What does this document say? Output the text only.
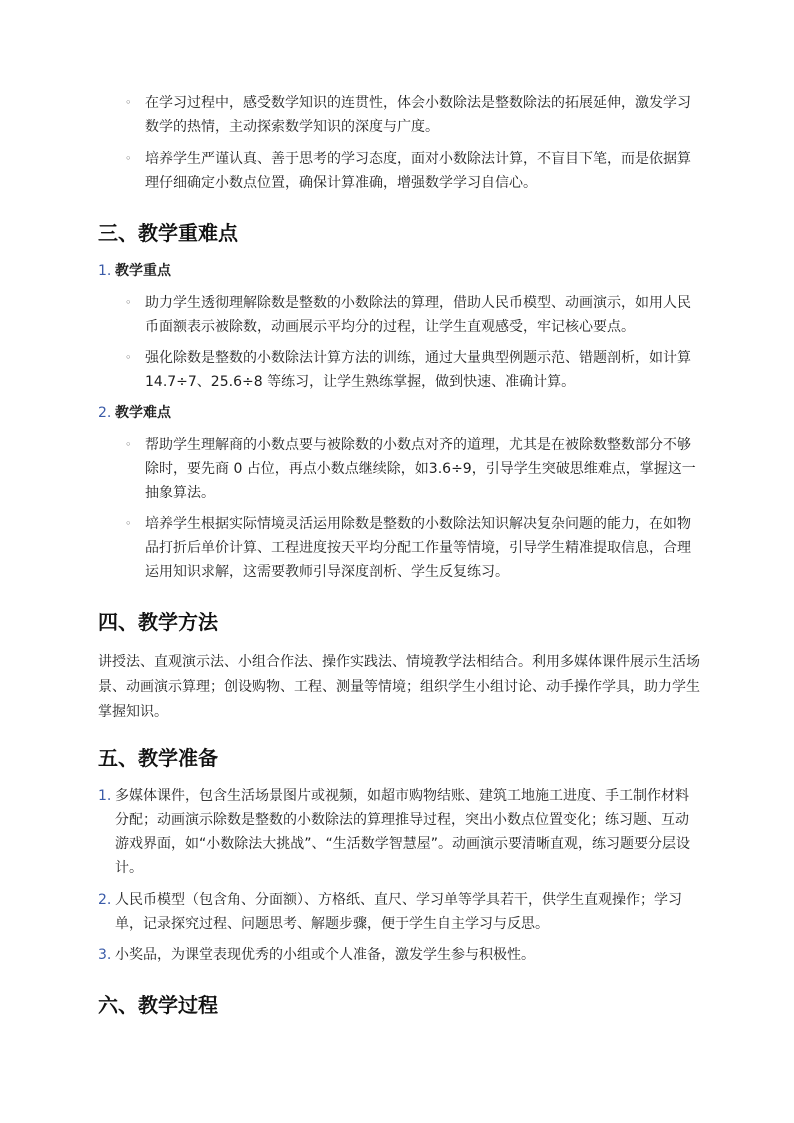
◦ 在学习过程中，感受数学知识的连贯性，体会小数除法是整数除法的拓展延伸，激发学习数学的热情，主动探索数学知识的深度与广度。
◦ 培养学生严谨认真、善于思考的学习态度，面对小数除法计算，不盲目下笔，而是依据算理仔细确定小数点位置，确保计算准确，增强数学学习自信心。
三、教学重难点
1. 教学重点
◦ 助力学生透彻理解除数是整数的小数除法的算理，借助人民币模型、动画演示，如用人民币面额表示被除数，动画展示平均分的过程，让学生直观感受，牢记核心要点。
◦ 强化除数是整数的小数除法计算方法的训练，通过大量典型例题示范、错题剖析，如计算 14.7÷7、25.6÷8 等练习，让学生熟练掌握，做到快速、准确计算。
2. 教学难点
◦ 帮助学生理解商的小数点要与被除数的小数点对齐的道理，尤其是在被除数整数部分不够除时，要先商 0 占位，再点小数点继续除，如3.6÷9，引导学生突破思维难点，掌握这一抽象算法。
◦ 培养学生根据实际情境灵活运用除数是整数的小数除法知识解决复杂问题的能力，在如物品打折后单价计算、工程进度按天平均分配工作量等情境，引导学生精准提取信息，合理运用知识求解，这需要教师引导深度剖析、学生反复练习。
四、教学方法
讲授法、直观演示法、小组合作法、操作实践法、情境教学法相结合。利用多媒体课件展示生活场景、动画演示算理；创设购物、工程、测量等情境；组织学生小组讨论、动手操作学具，助力学生掌握知识。
五、教学准备
1. 多媒体课件，包含生活场景图片或视频，如超市购物结账、建筑工地施工进度、手工制作材料分配；动画演示除数是整数的小数除法的算理推导过程，突出小数点位置变化；练习题、互动游戏界面，如“小数除法大挑战”、“生活数学智慧屋”。动画演示要清晰直观，练习题要分层设计。
2. 人民币模型（包含角、分面额）、方格纸、直尺、学习单等学具若干，供学生直观操作；学习单，记录探究过程、问题思考、解题步骤，便于学生自主学习与反思。
3. 小奖品，为课堂表现优秀的小组或个人准备，激发学生参与积极性。
六、教学过程
